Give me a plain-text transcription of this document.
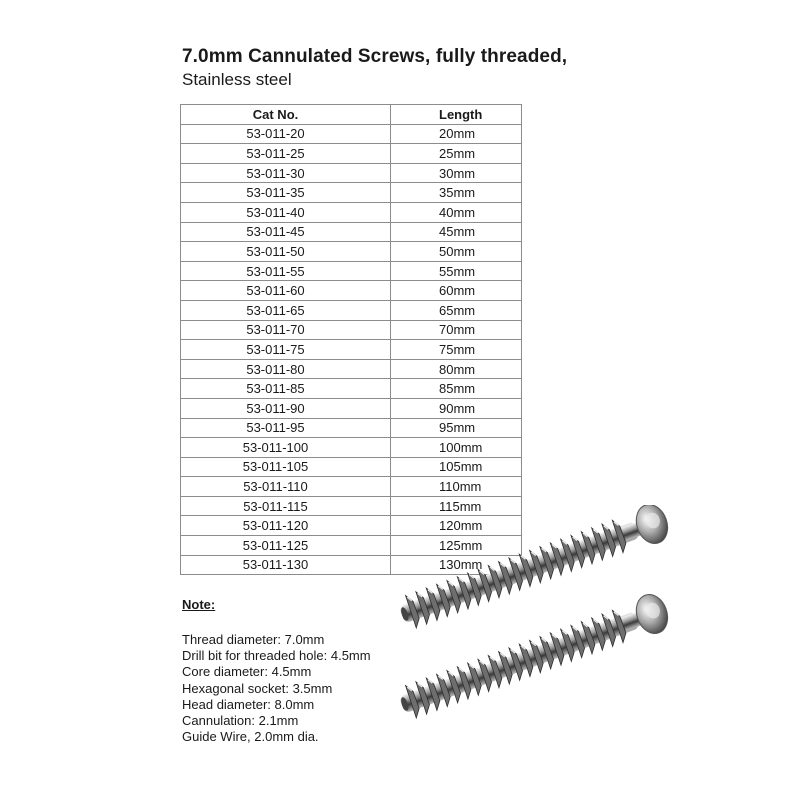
7.0mm Cannulated Screws, fully threaded,
Stainless steel
Cat No.	Length
53-011-20	20mm
53-011-25	25mm
53-011-30	30mm
53-011-35	35mm
53-011-40	40mm
53-011-45	45mm
53-011-50	50mm
53-011-55	55mm
53-011-60	60mm
53-011-65	65mm
53-011-70	70mm
53-011-75	75mm
53-011-80	80mm
53-011-85	85mm
53-011-90	90mm
53-011-95	95mm
53-011-100	100mm
53-011-105	105mm
53-011-110	110mm
53-011-115	115mm
53-011-120	120mm
53-011-125	125mm
53-011-130	130mm
Note:
Thread diameter: 7.0mm
Drill bit for threaded hole: 4.5mm
Core diameter: 4.5mm
Hexagonal socket: 3.5mm
Head diameter: 8.0mm
Cannulation: 2.1mm
Guide Wire, 2.0mm dia.
